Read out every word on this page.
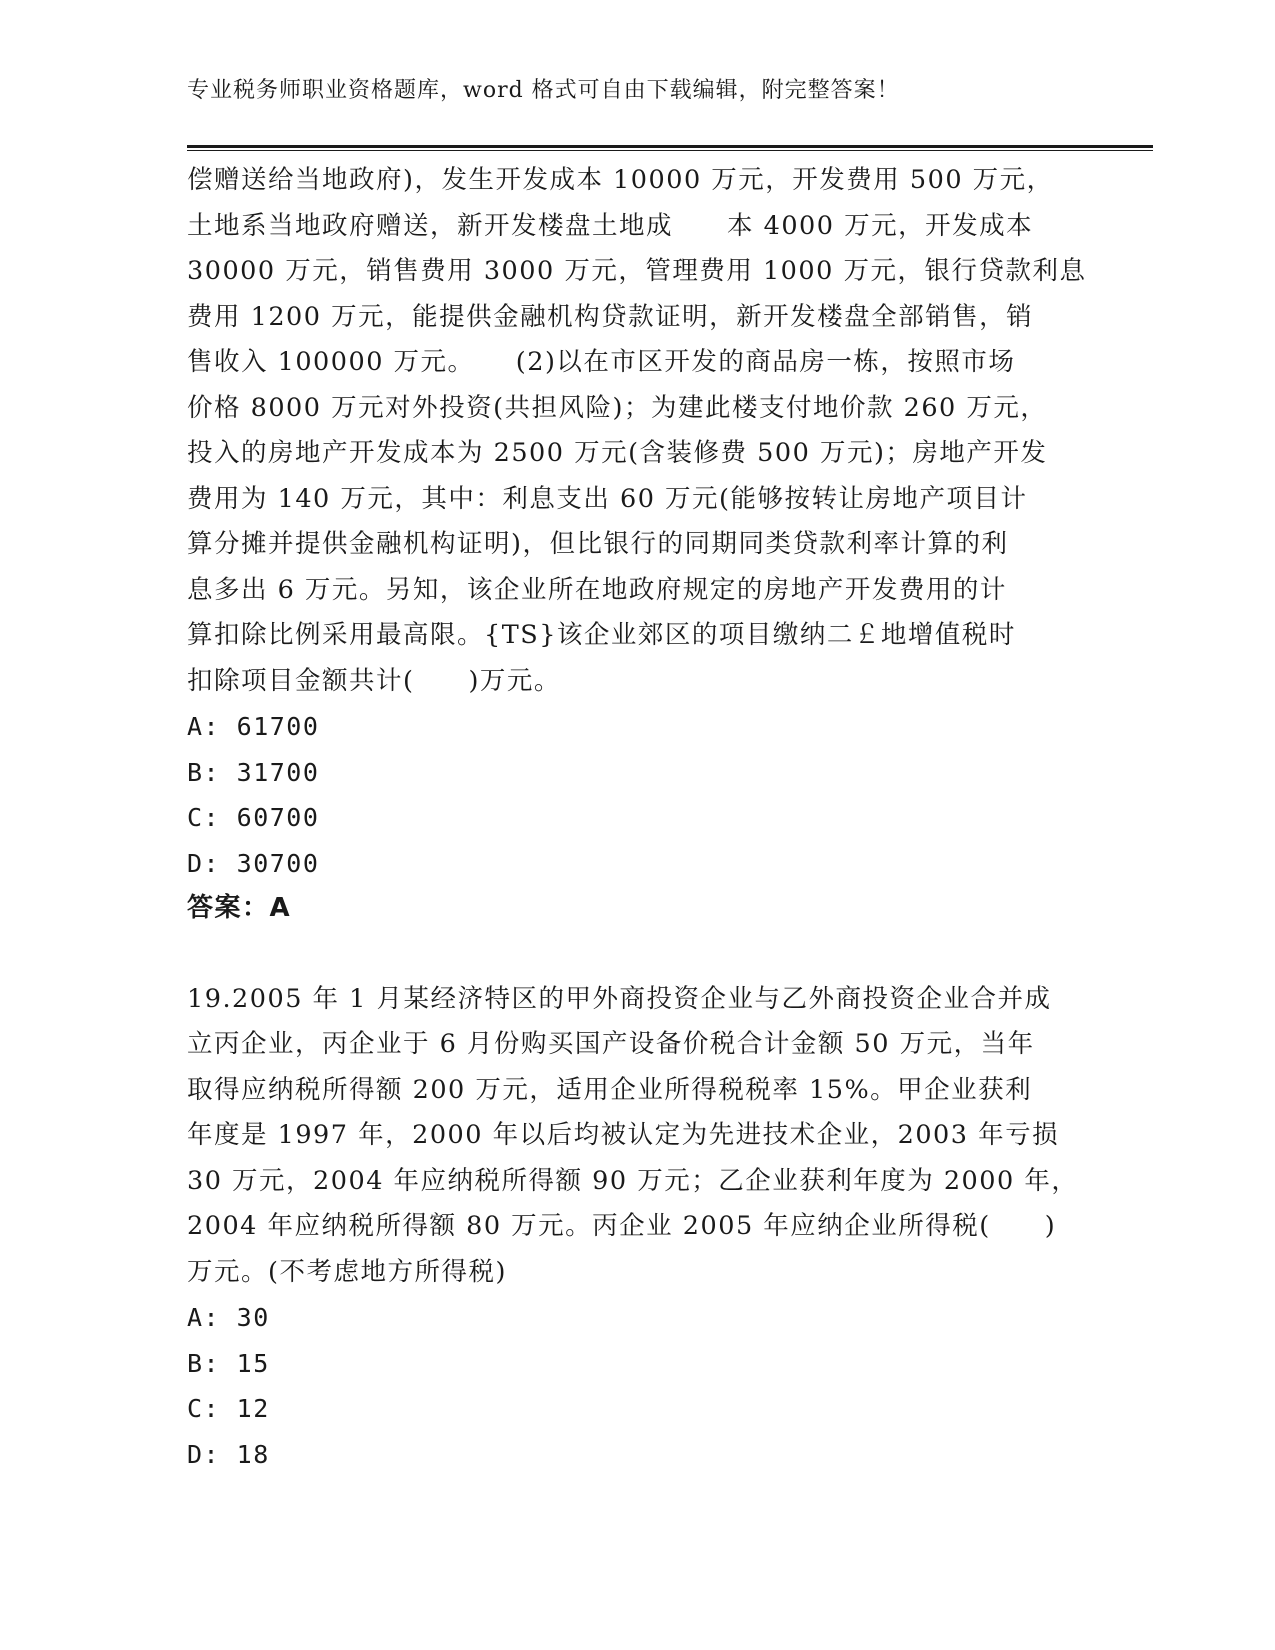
专业税务师职业资格题库，word 格式可自由下载编辑，附完整答案！
偿赠送给当地政府)，发生开发成本 10000 万元，开发费用 500 万元，
土地系当地政府赠送，新开发楼盘土地成　　本 4000 万元，开发成本
30000 万元，销售费用 3000 万元，管理费用 1000 万元，银行贷款利息
费用 1200 万元，能提供金融机构贷款证明，新开发楼盘全部销售，销
售收入 100000 万元。　　(2)以在市区开发的商品房一栋，按照市场
价格 8000 万元对外投资(共担风险)；为建此楼支付地价款 260 万元，
投入的房地产开发成本为 2500 万元(含装修费 500 万元)；房地产开发
费用为 140 万元，其中：利息支出 60 万元(能够按转让房地产项目计
算分摊并提供金融机构证明)，但比银行的同期同类贷款利率计算的利
息多出 6 万元。另知，该企业所在地政府规定的房地产开发费用的计
算扣除比例采用最高限。{TS}该企业郊区的项目缴纳二￡地增值税时
扣除项目金额共计(　　)万元。
A: 61700
B: 31700
C: 60700
D: 30700
答案：A
19.2005 年 1 月某经济特区的甲外商投资企业与乙外商投资企业合并成
立丙企业，丙企业于 6 月份购买国产设备价税合计金额 50 万元，当年
取得应纳税所得额 200 万元，适用企业所得税税率 15%。甲企业获利
年度是 1997 年，2000 年以后均被认定为先进技术企业，2003 年亏损
30 万元，2004 年应纳税所得额 90 万元；乙企业获利年度为 2000 年，
2004 年应纳税所得额 80 万元。丙企业 2005 年应纳企业所得税(　　)
万元。(不考虑地方所得税)
A: 30
B: 15
C: 12
D: 18
